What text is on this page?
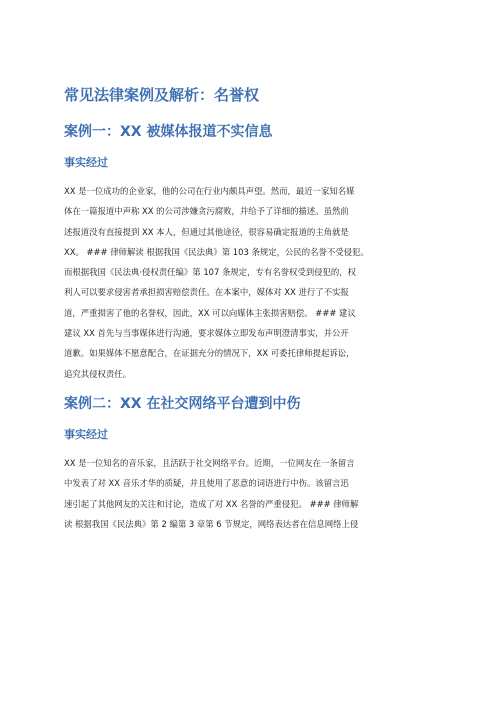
常见法律案例及解析：名誉权
案例一：XX 被媒体报道不实信息
事实经过

XX 是一位成功的企业家，他的公司在行业内颇具声望。然而，最近一家知名媒
体在一篇报道中声称 XX 的公司涉嫌贪污腐败，并给予了详细的描述。虽然前
述报道没有直接提到 XX 本人，但通过其他途径，很容易确定报道的主角就是
XX。 ### 律师解读 根据我国《民法典》第 103 条规定，公民的名誉不受侵犯。
而根据我国《民法典·侵权责任编》第 107 条规定，专有名誉权受到侵犯的，权
利人可以要求侵害者承担损害赔偿责任。在本案中，媒体对 XX 进行了不实报
道，严重损害了他的名誉权，因此，XX 可以向媒体主张损害赔偿。 ### 建议
建议 XX 首先与当事媒体进行沟通，要求媒体立即发布声明澄清事实，并公开
道歉。如果媒体不愿意配合，在证据充分的情况下，XX 可委托律师提起诉讼，
追究其侵权责任。

案例二：XX 在社交网络平台遭到中伤
事实经过

XX 是一位知名的音乐家，且活跃于社交网络平台。近期，一位网友在一条留言
中发表了对 XX 音乐才华的质疑，并且使用了恶意的词语进行中伤。该留言迅
速引起了其他网友的关注和讨论，造成了对 XX 名誉的严重侵犯。 ### 律师解
读 根据我国《民法典》第 2 编第 3 章第 6 节规定，网络表达者在信息网络上侵
